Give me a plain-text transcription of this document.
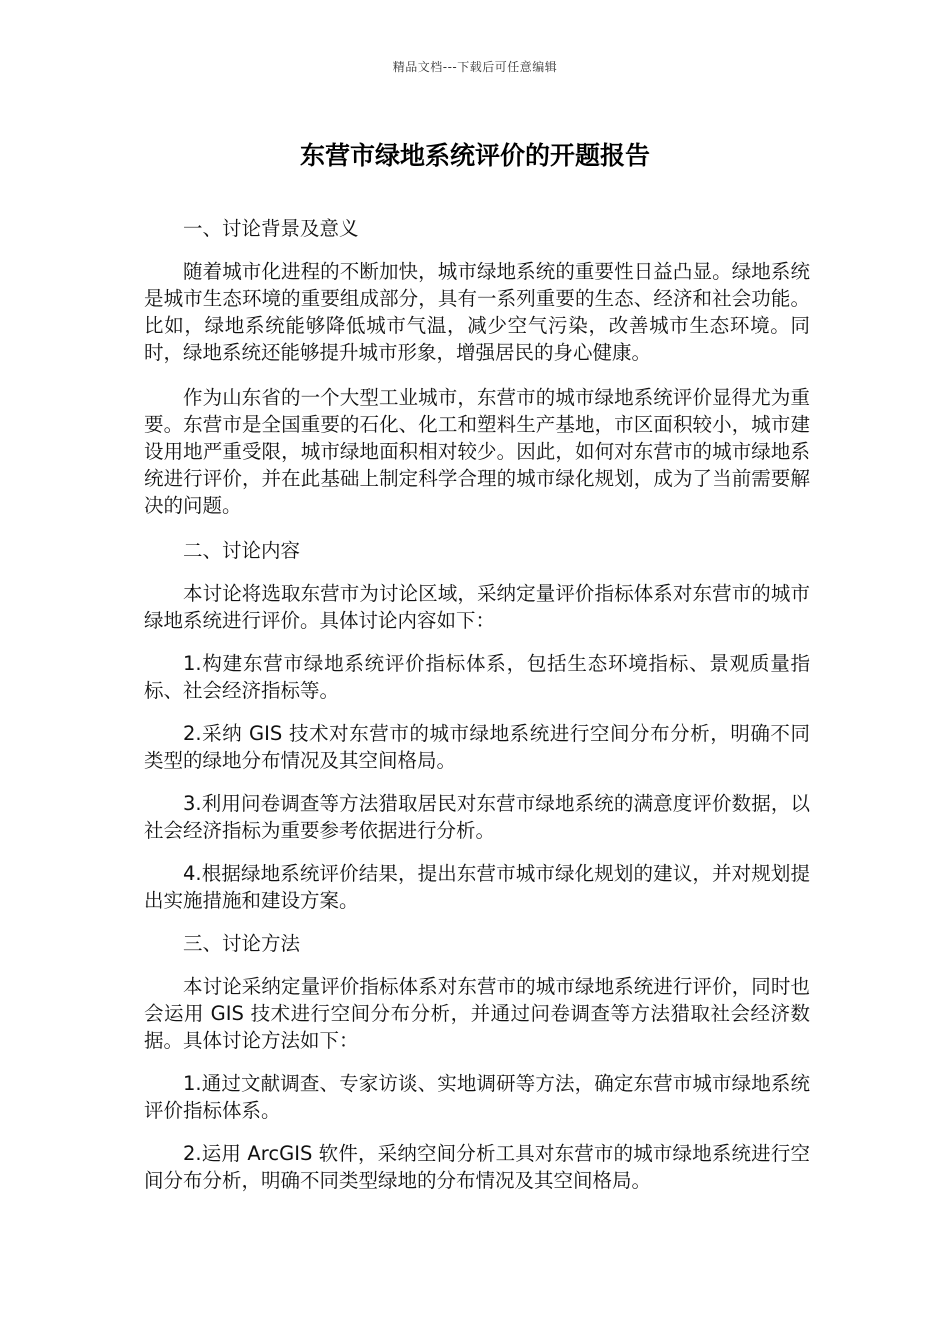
精品文档---下载后可任意编辑
东营市绿地系统评价的开题报告

一、讨论背景及意义

随着城市化进程的不断加快，城市绿地系统的重要性日益凸显。绿地系统是城市生态环境的重要组成部分，具有一系列重要的生态、经济和社会功能。比如，绿地系统能够降低城市气温，减少空气污染，改善城市生态环境。同时，绿地系统还能够提升城市形象，增强居民的身心健康。

作为山东省的一个大型工业城市，东营市的城市绿地系统评价显得尤为重要。东营市是全国重要的石化、化工和塑料生产基地，市区面积较小，城市建设用地严重受限，城市绿地面积相对较少。因此，如何对东营市的城市绿地系统进行评价，并在此基础上制定科学合理的城市绿化规划，成为了当前需要解决的问题。

二、讨论内容

本讨论将选取东营市为讨论区域，采纳定量评价指标体系对东营市的城市绿地系统进行评价。具体讨论内容如下：

1.构建东营市绿地系统评价指标体系，包括生态环境指标、景观质量指标、社会经济指标等。

2.采纳 GIS 技术对东营市的城市绿地系统进行空间分布分析，明确不同类型的绿地分布情况及其空间格局。

3.利用问卷调查等方法猎取居民对东营市绿地系统的满意度评价数据，以社会经济指标为重要参考依据进行分析。

4.根据绿地系统评价结果，提出东营市城市绿化规划的建议，并对规划提出实施措施和建设方案。

三、讨论方法

本讨论采纳定量评价指标体系对东营市的城市绿地系统进行评价，同时也会运用 GIS 技术进行空间分布分析，并通过问卷调查等方法猎取社会经济数据。具体讨论方法如下：

1.通过文献调查、专家访谈、实地调研等方法，确定东营市城市绿地系统评价指标体系。

2.运用 ArcGIS 软件，采纳空间分析工具对东营市的城市绿地系统进行空间分布分析，明确不同类型绿地的分布情况及其空间格局。
